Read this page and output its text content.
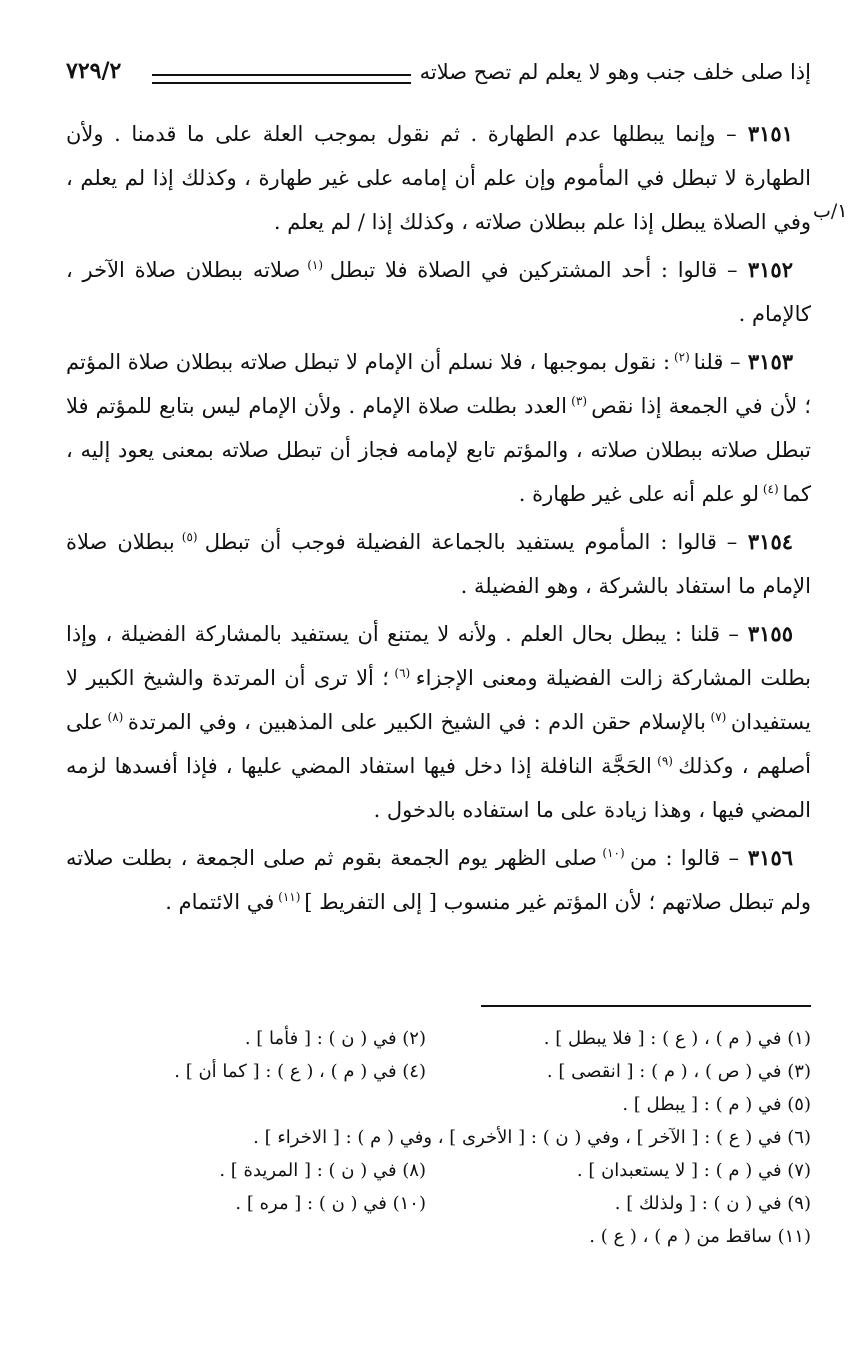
إذا صلى خلف جنب وهو لا يعلم لم تصح صلاته
٧٢٩/٢
١/ب

٣١٥١ – وإنما يبطلها عدم الطهارة . ثم نقول بموجب العلة على ما قدمنا . ولأن الطهارة لا تبطل في المأموم وإن علم أن إمامه على غير طهارة ، وكذلك إذا لم يعلم ، وفي الصلاة يبطل إذا علم ببطلان صلاته ، وكذلك إذا / لم يعلم .

٣١٥٢ – قالوا : أحد المشتركين في الصلاة فلا تبطل $^{(١)}$ صلاته ببطلان صلاة الآخر ، كالإمام .

٣١٥٣ – قلنا $^{(٢)}$ : نقول بموجبها ، فلا نسلم أن الإمام لا تبطل صلاته ببطلان صلاة المؤتم ؛ لأن في الجمعة إذا نقص $^{(٣)}$ العدد بطلت صلاة الإمام . ولأن الإمام ليس بتابع للمؤتم فلا تبطل صلاته ببطلان صلاته ، والمؤتم تابع لإمامه فجاز أن تبطل صلاته بمعنى يعود إليه ، كما $^{(٤)}$ لو علم أنه على غير طهارة .

٣١٥٤ – قالوا : المأموم يستفيد بالجماعة الفضيلة فوجب أن تبطل $^{(٥)}$ ببطلان صلاة الإمام ما استفاد بالشركة ، وهو الفضيلة .

٣١٥٥ – قلنا : يبطل بحال العلم . ولأنه لا يمتنع أن يستفيد بالمشاركة الفضيلة ، وإذا بطلت المشاركة زالت الفضيلة ومعنى الإجزاء $^{(٦)}$ ؛ ألا ترى أن المرتدة والشيخ الكبير لا يستفيدان $^{(٧)}$ بالإسلام حقن الدم : في الشيخ الكبير على المذهبين ، وفي المرتدة $^{(٨)}$ على أصلهم ، وكذلك $^{(٩)}$ الحَجَّة النافلة إذا دخل فيها استفاد المضي عليها ، فإذا أفسدها لزمه المضي فيها ، وهذا زيادة على ما استفاده بالدخول .

٣١٥٦ – قالوا : من $^{(١٠)}$ صلى الظهر يوم الجمعة بقوم ثم صلى الجمعة ، بطلت صلاته ولم تبطل صلاتهم ؛ لأن المؤتم غير منسوب [ إلى التفريط ] $^{(١١)}$ في الائتمام .

(١) في ( م ) ، ( ع ) : [ فلا يبطل ] .
(٢) في ( ن ) : [ فأما ] .
(٣) في ( ص ) ، ( م ) : [ انقصى ] .
(٤) في ( م ) ، ( ع ) : [ كما أن ] .
(٥) في ( م ) : [ يبطل ] .
(٦) في ( ع ) : [ الآخر ] ، وفي ( ن ) : [ الأخرى ] ، وفي ( م ) : [ الاخراء ] .
(٧) في ( م ) : [ لا يستعبدان ] .
(٨) في ( ن ) : [ المريدة ] .
(٩) في ( ن ) : [ ولذلك ] .
(١٠) في ( ن ) : [ مره ] .
(١١) ساقط من ( م ) ، ( ع ) .
